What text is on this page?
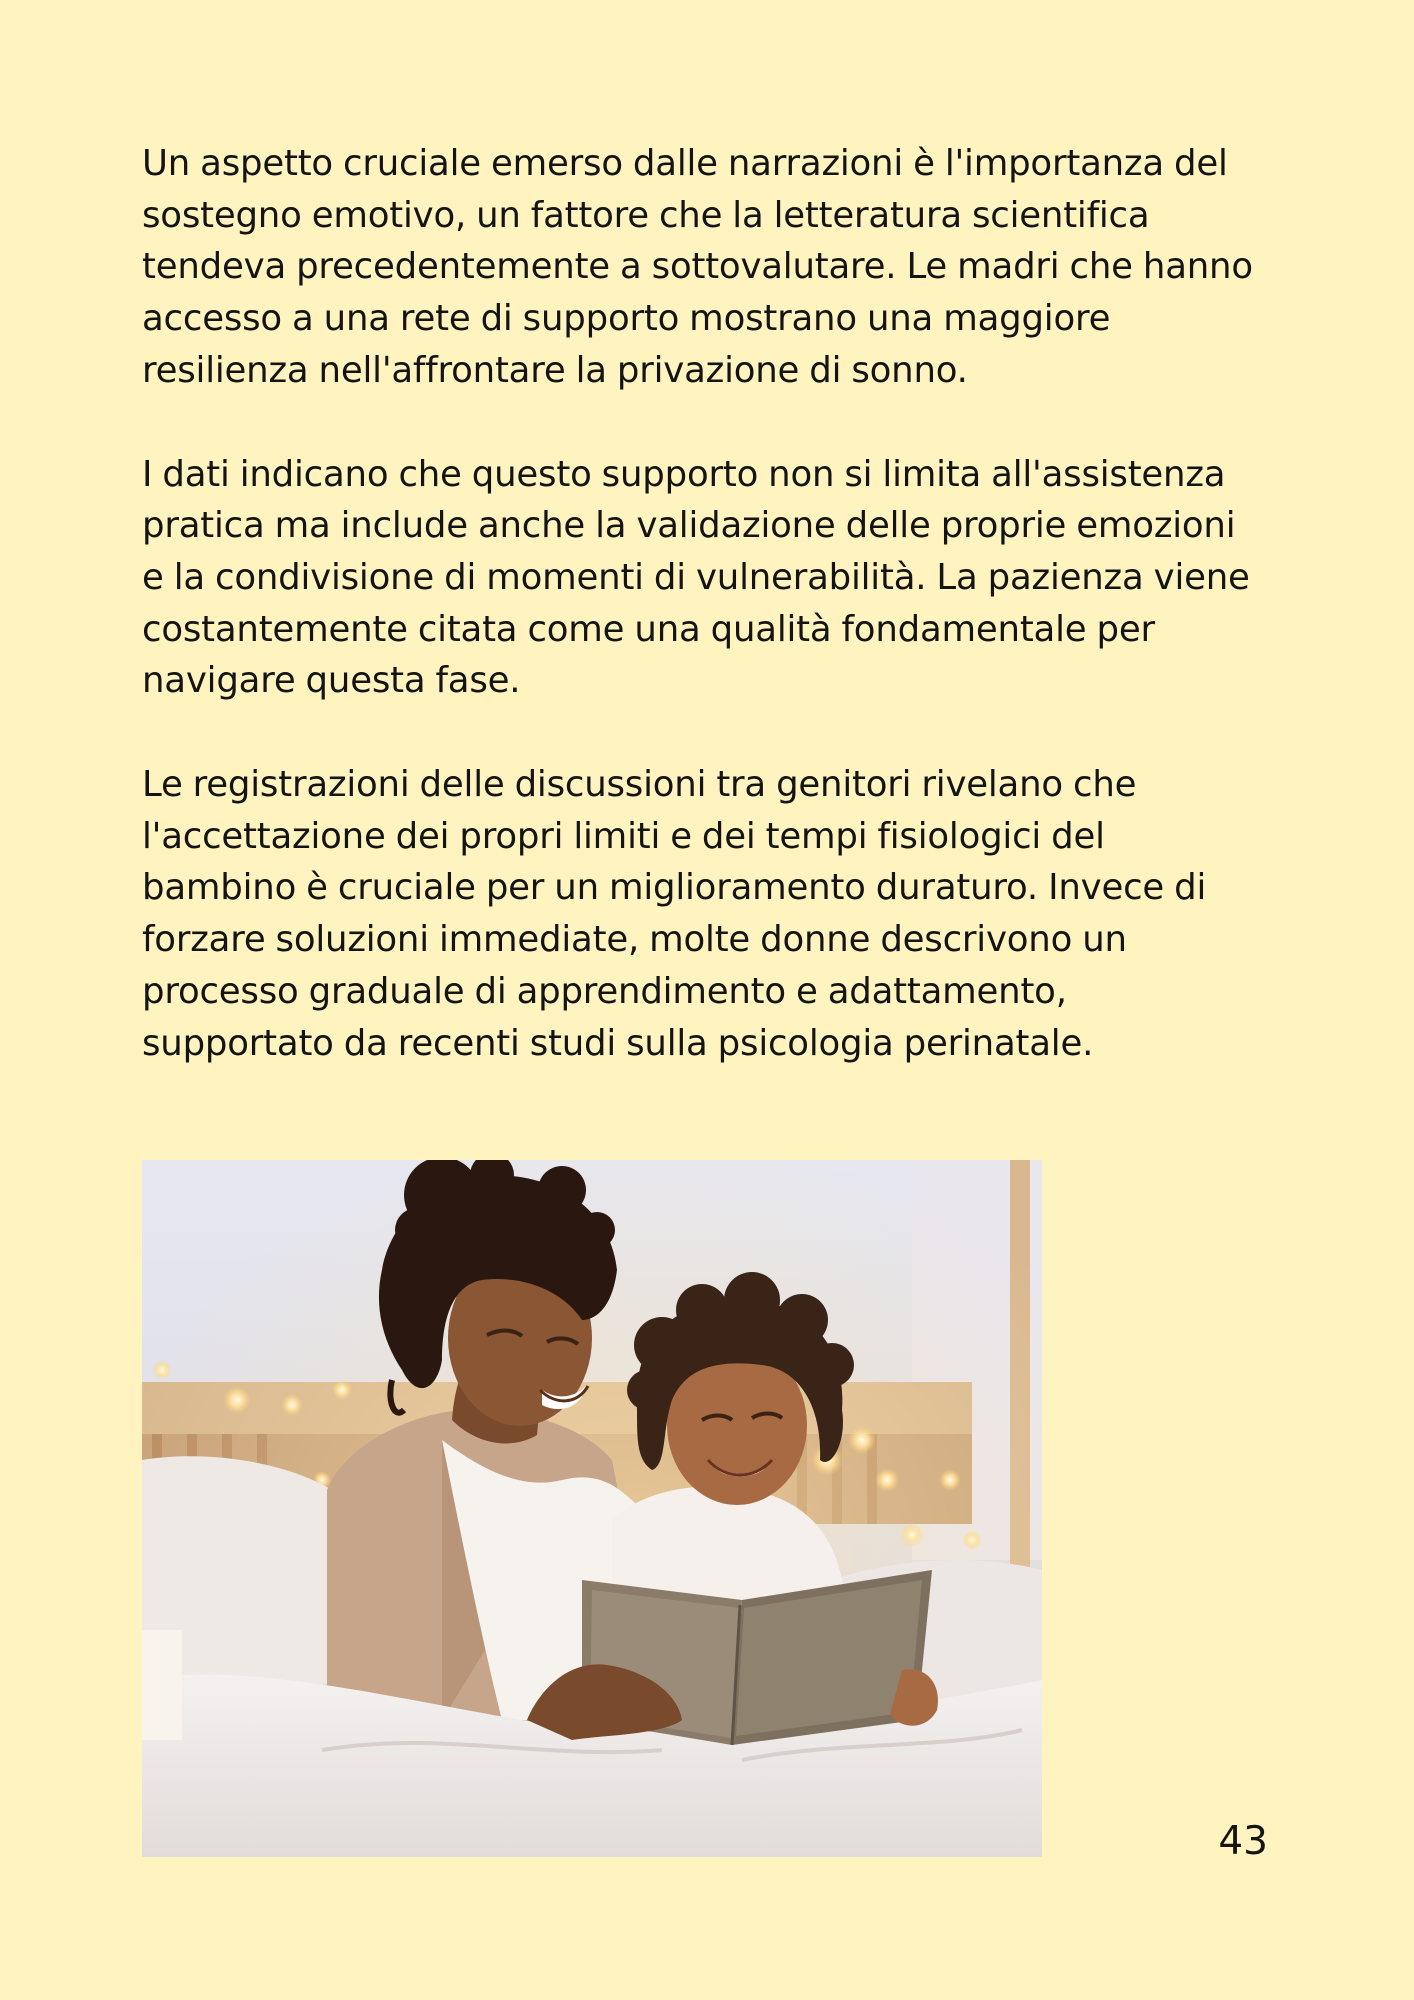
Un aspetto cruciale emerso dalle narrazioni è l'importanza del
sostegno emotivo, un fattore che la letteratura scientifica
tendeva precedentemente a sottovalutare. Le madri che hanno
accesso a una rete di supporto mostrano una maggiore
resilienza nell'affrontare la privazione di sonno.

I dati indicano che questo supporto non si limita all'assistenza
pratica ma include anche la validazione delle proprie emozioni
e la condivisione di momenti di vulnerabilità. La pazienza viene
costantemente citata come una qualità fondamentale per
navigare questa fase.

Le registrazioni delle discussioni tra genitori rivelano che
l'accettazione dei propri limiti e dei tempi fisiologici del
bambino è cruciale per un miglioramento duraturo. Invece di
forzare soluzioni immediate, molte donne descrivono un
processo graduale di apprendimento e adattamento,
supportato da recenti studi sulla psicologia perinatale.

43
